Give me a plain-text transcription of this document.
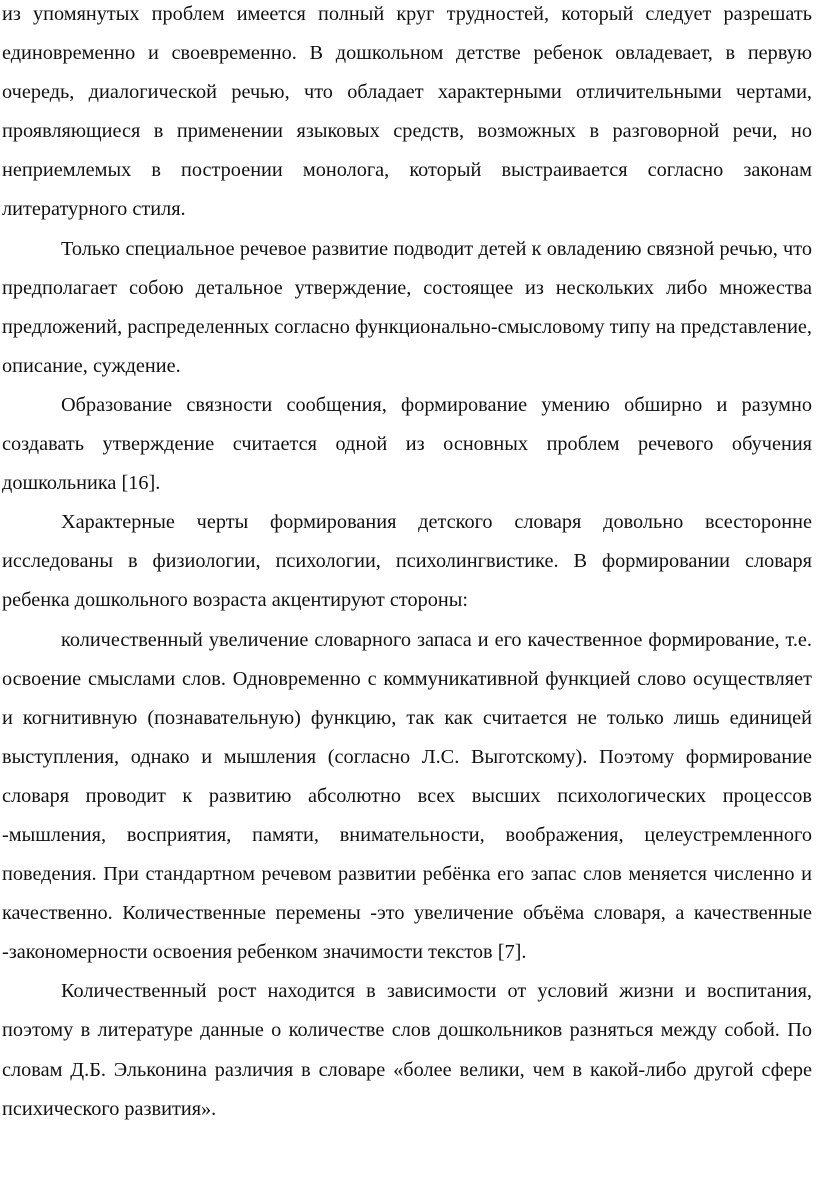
из упомянутых проблем имеется полный круг трудностей, который следует разрешать единовременно и своевременно. В дошкольном детстве ребенок овладевает, в первую очередь, диалогической речью, что обладает характерными отличительными чертами, проявляющиеся в применении языковых средств, возможных в разговорной речи, но неприемлемых в построении монолога, который выстраивается согласно законам литературного стиля.

Только специальное речевое развитие подводит детей к овладению связной речью, что предполагает собою детальное утверждение, состоящее из нескольких либо множества предложений, распределенных согласно функционально-смысловому типу на представление, описание, суждение.

Образование связности сообщения, формирование умению обширно и разумно создавать утверждение считается одной из основных проблем речевого обучения дошкольника [16].

Характерные черты формирования детского словаря довольно всесторонне исследованы в физиологии, психологии, психолингвистике. В формировании словаря ребенка дошкольного возраста акцентируют стороны:

количественный увеличение словарного запаса и его качественное формирование, т.е. освоение смыслами слов. Одновременно с коммуникативной функцией слово осуществляет и когнитивную (познавательную) функцию, так как считается не только лишь единицей выступления, однако и мышления (согласно Л.С. Выготскому). Поэтому формирование словаря проводит к развитию абсолютно всех высших психологических процессов -мышления, восприятия, памяти, внимательности, воображения, целеустремленного поведения. При стандартном речевом развитии ребёнка его запас слов меняется численно и качественно. Количественные перемены -это увеличение объёма словаря, а качественные -закономерности освоения ребенком значимости текстов [7].

Количественный рост находится в зависимости от условий жизни и воспитания, поэтому в литературе данные о количестве слов дошкольников разняться между собой. По словам Д.Б. Эльконина различия в словаре «более велики, чем в какой-либо другой сфере психического развития».
